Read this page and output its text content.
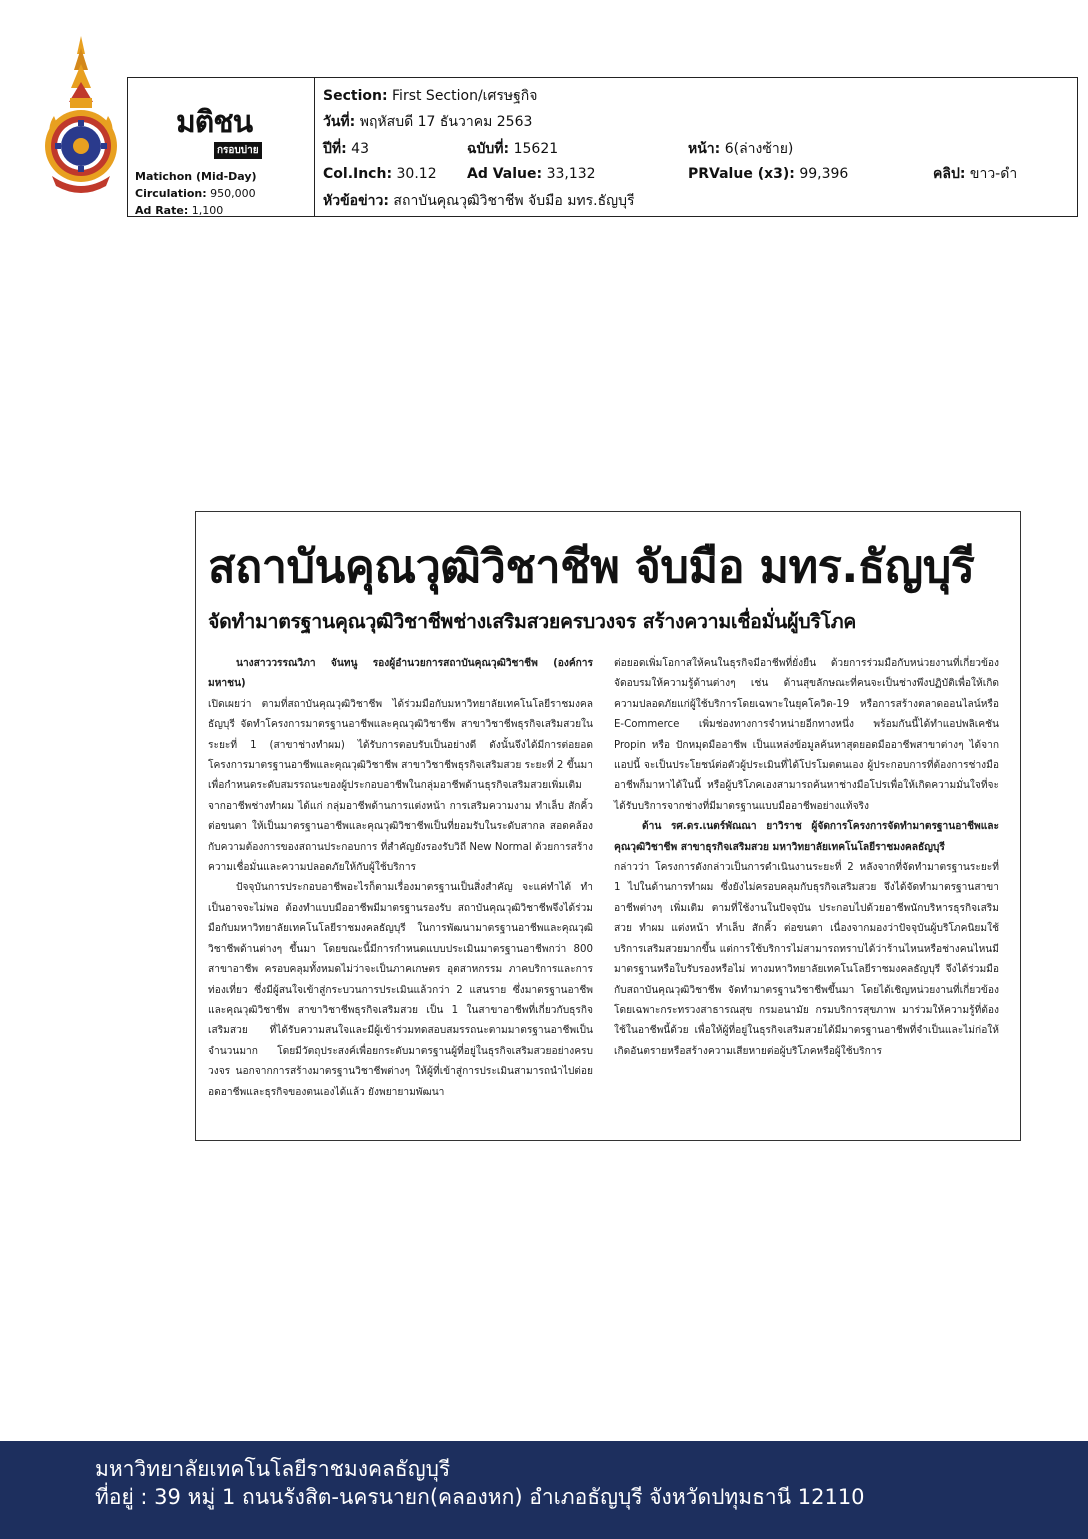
มติชน
กรอบบ่าย
Matichon (Mid-Day)
Circulation: 950,000
Ad Rate: 1,100
Section: First Section/เศรษฐกิจ
วันที่: พฤหัสบดี 17 ธันวาคม 2563
ปีที่: 43	ฉบับที่: 15621	หน้า: 6(ล่างซ้าย)
Col.Inch: 30.12 Ad Value: 33,132	PRValue (x3): 99,396	คลิป: ขาว-ดำ
หัวข้อข่าว: สถาบันคุณวุฒิวิชาชีพ จับมือ มทร.ธัญบุรี
สถาบันคุณวุฒิวิชาชีพ จับมือ มทร.ธัญบุรี
จัดทำมาตรฐานคุณวุฒิวิชาชีพช่างเสริมสวยครบวงจร สร้างความเชื่อมั่นผู้บริโภค

นางสาววรรณวิภา จันทนู รองผู้อำนวยการสถาบันคุณวุฒิวิชาชีพ (องค์การมหาชน)

เปิดเผยว่า ตามที่สถาบันคุณวุฒิวิชาชีพ ได้ร่วมมือกับมหาวิทยาลัยเทคโนโลยีราชมงคลธัญบุรี จัดทำโครงการมาตรฐานอาชีพและคุณวุฒิวิชาชีพ สาขาวิชาชีพธุรกิจเสริมสวยในระยะที่ 1 (สาขาช่างทำผม) ได้รับการตอบรับเป็นอย่างดี ดังนั้นจึงได้มีการต่อยอดโครงการมาตรฐานอาชีพและคุณวุฒิวิชาชีพ สาขาวิชาชีพธุรกิจเสริมสวย ระยะที่ 2 ขึ้นมา เพื่อกำหนดระดับสมรรถนะของผู้ประกอบอาชีพในกลุ่มอาชีพด้านธุรกิจเสริมสวยเพิ่มเติมจากอาชีพช่างทำผม ได้แก่ กลุ่มอาชีพด้านการแต่งหน้า การเสริมความงาม ทำเล็บ สักคิ้ว ต่อขนตา ให้เป็นมาตรฐานอาชีพและคุณวุฒิวิชาชีพเป็นที่ยอมรับในระดับสากล สอดคล้องกับความต้องการของสถานประกอบการ ที่สำคัญยังรองรับวิถี New Normal ด้วยการสร้างความเชื่อมั่นและความปลอดภัยให้กับผู้ใช้บริการ

ปัจจุบันการประกอบอาชีพอะไรก็ตามเรื่องมาตรฐานเป็นสิ่งสำคัญ จะแค่ทำได้ ทำเป็นอาจจะไม่พอ ต้องทำแบบมืออาชีพมีมาตรฐานรองรับ สถาบันคุณวุฒิวิชาชีพจึงได้ร่วมมือกับมหาวิทยาลัยเทคโนโลยีราชมงคลธัญบุรี ในการพัฒนามาตรฐานอาชีพและคุณวุฒิวิชาชีพด้านต่างๆ ขึ้นมา โดยขณะนี้มีการกำหนดแบบประเมินมาตรฐานอาชีพกว่า 800 สาขาอาชีพ ครอบคลุมทั้งหมดไม่ว่าจะเป็นภาคเกษตร อุตสาหกรรม ภาคบริการและการท่องเที่ยว ซึ่งมีผู้สนใจเข้าสู่กระบวนการประเมินแล้วกว่า 2 แสนราย ซึ่งมาตรฐานอาชีพและคุณวุฒิวิชาชีพ สาขาวิชาชีพธุรกิจเสริมสวย เป็น 1 ในสาขาอาชีพที่เกี่ยวกับธุรกิจเสริมสวย ที่ได้รับความสนใจและมีผู้เข้าร่วมทดสอบสมรรถนะตามมาตรฐานอาชีพเป็นจำนวนมาก โดยมีวัตถุประสงค์เพื่อยกระดับมาตรฐานผู้ที่อยู่ในธุรกิจเสริมสวยอย่างครบวงจร นอกจากการสร้างมาตรฐานวิชาชีพต่างๆ ให้ผู้ที่เข้าสู่การประเมินสามารถนำไปต่อยอดอาชีพและธุรกิจของตนเองได้แล้ว ยังพยายามพัฒนา

ต่อยอดเพิ่มโอกาสให้คนในธุรกิจมีอาชีพที่ยั่งยืน ด้วยการร่วมมือกับหน่วยงานที่เกี่ยวข้องจัดอบรมให้ความรู้ด้านต่างๆ เช่น ด้านสุขลักษณะที่คนจะเป็นช่างพึงปฏิบัติเพื่อให้เกิดความปลอดภัยแก่ผู้ใช้บริการโดยเฉพาะในยุคโควิด-19 หรือการสร้างตลาดออนไลน์หรือ E-Commerce เพิ่มช่องทางการจำหน่ายอีกทางหนึ่ง พร้อมกันนี้ได้ทำแอปพลิเคชัน Propin หรือ ปักหมุดมืออาชีพ เป็นแหล่งข้อมูลค้นหาสุดยอดมืออาชีพสาขาต่างๆ ได้จากแอปนี้ จะเป็นประโยชน์ต่อตัวผู้ประเมินที่ได้โปรโมตตนเอง ผู้ประกอบการที่ต้องการช่างมืออาชีพก็มาหาได้ในนี้ หรือผู้บริโภคเองสามารถค้นหาช่างมือโปรเพื่อให้เกิดความมั่นใจที่จะได้รับบริการจากช่างที่มีมาตรฐานแบบมืออาชีพอย่างแท้จริง

ด้าน รศ.ดร.เนตร์พัณณา ยาวิราช ผู้จัดการโครงการจัดทำมาตรฐานอาชีพและคุณวุฒิวิชาชีพ สาขาธุรกิจเสริมสวย มหาวิทยาลัยเทคโนโลยีราชมงคลธัญบุรี

กล่าวว่า โครงการดังกล่าวเป็นการดำเนินงานระยะที่ 2 หลังจากที่จัดทำมาตรฐานระยะที่ 1 ไปในด้านการทำผม ซึ่งยังไม่ครอบคลุมกับธุรกิจเสริมสวย จึงได้จัดทำมาตรฐานสาขาอาชีพต่างๆ เพิ่มเติม ตามที่ใช้งานในปัจจุบัน ประกอบไปด้วยอาชีพนักบริหารธุรกิจเสริมสวย ทำผม แต่งหน้า ทำเล็บ สักคิ้ว ต่อขนตา เนื่องจากมองว่าปัจจุบันผู้บริโภคนิยมใช้บริการเสริมสวยมากขึ้น แต่การใช้บริการไม่สามารถทราบได้ว่าร้านไหนหรือช่างคนไหนมีมาตรฐานหรือใบรับรองหรือไม่ ทางมหาวิทยาลัยเทคโนโลยีราชมงคลธัญบุรี จึงได้ร่วมมือกับสถาบันคุณวุฒิวิชาชีพ จัดทำมาตรฐานวิชาชีพขึ้นมา โดยได้เชิญหน่วยงานที่เกี่ยวข้อง โดยเฉพาะกระทรวงสาธารณสุข กรมอนามัย กรมบริการสุขภาพ มาร่วมให้ความรู้ที่ต้องใช้ในอาชีพนี้ด้วย เพื่อให้ผู้ที่อยู่ในธุรกิจเสริมสวยได้มีมาตรฐานอาชีพที่จำเป็นและไม่ก่อให้เกิดอันตรายหรือสร้างความเสียหายต่อผู้บริโภคหรือผู้ใช้บริการ

มหาวิทยาลัยเทคโนโลยีราชมงคลธัญบุรี
ที่อยู่ : 39 หมู่ 1 ถนนรังสิต-นครนายก(คลองหก) อำเภอธัญบุรี จังหวัดปทุมธานี 12110
